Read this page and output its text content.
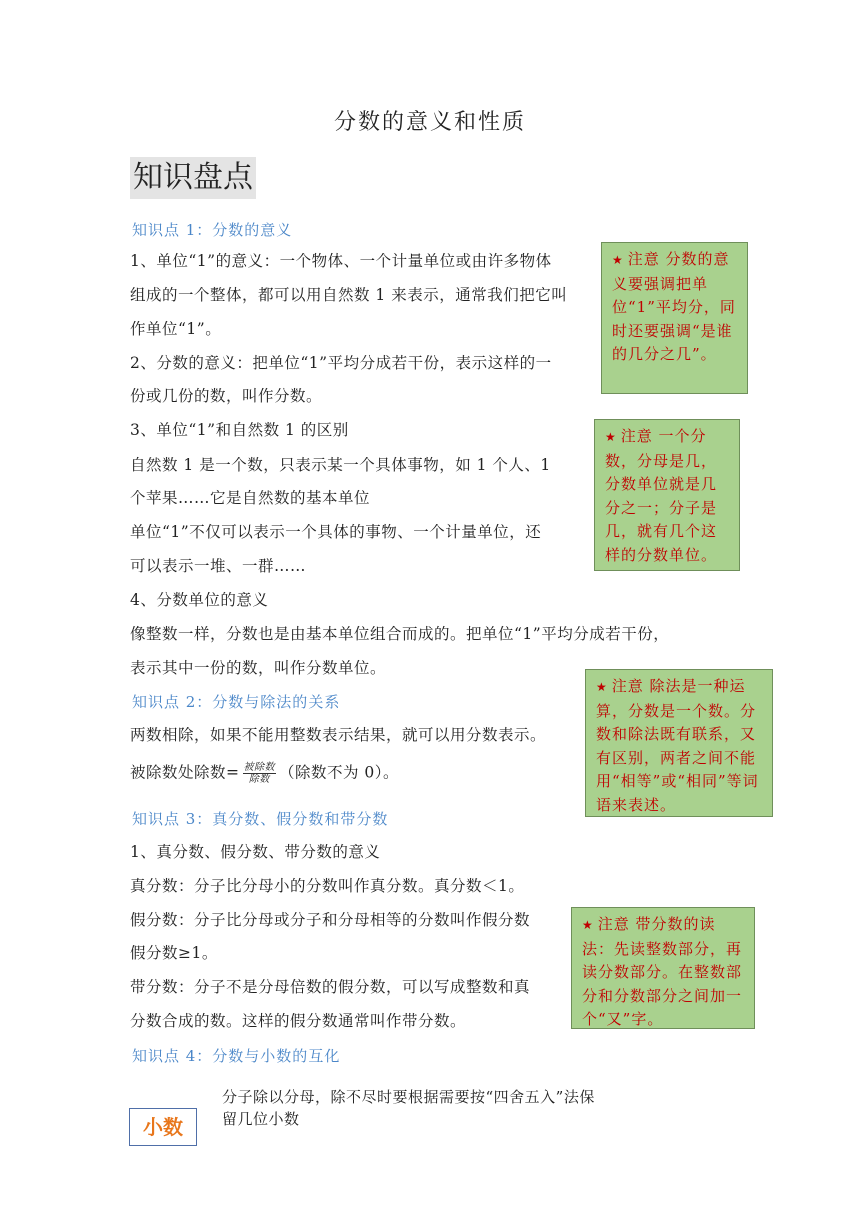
分数的意义和性质
知识盘点
知识点 1：分数的意义
1、单位“1”的意义：一个物体、一个计量单位或由许多物体
组成的一个整体，都可以用自然数 1 来表示，通常我们把它叫
作单位“1”。
2、分数的意义：把单位“1”平均分成若干份，表示这样的一
份或几份的数，叫作分数。
3、单位“1”和自然数 1 的区别
自然数 1 是一个数，只表示某一个具体事物，如 1 个人、1
个苹果……它是自然数的基本单位
单位“1”不仅可以表示一个具体的事物、一个计量单位，还
可以表示一堆、一群……
4、分数单位的意义
像整数一样，分数也是由基本单位组合而成的。把单位“1”平均分成若干份，
表示其中一份的数，叫作分数单位。
知识点 2：分数与除法的关系
两数相除，如果不能用整数表示结果，就可以用分数表示。
被除数处除数= $\frac{\text{被除数}}{\text{除数}}$ （除数不为 0）。
知识点 3：真分数、假分数和带分数
1、真分数、假分数、带分数的意义
真分数：分子比分母小的分数叫作真分数。真分数＜1。
假分数：分子比分母或分子和分母相等的分数叫作假分数
假分数≥1。
带分数：分子不是分母倍数的假分数，可以写成整数和真
分数合成的数。这样的假分数通常叫作带分数。
知识点 4：分数与小数的互化
分子除以分母，除不尽时要根据需要按“四舍五入”法保留几位小数
小数
★ 注意 分数的意义要强调把单位“1”平均分，同时还要强调“是谁的几分之几”。
★ 注意 一个分数，分母是几，分数单位就是几分之一；分子是几，就有几个这样的分数单位。
★ 注意 除法是一种运算，分数是一个数。分数和除法既有联系，又有区别，两者之间不能用“相等”或“相同”等词语来表述。
★ 注意 带分数的读法：先读整数部分，再读分数部分。在整数部分和分数部分之间加一个“又”字。
